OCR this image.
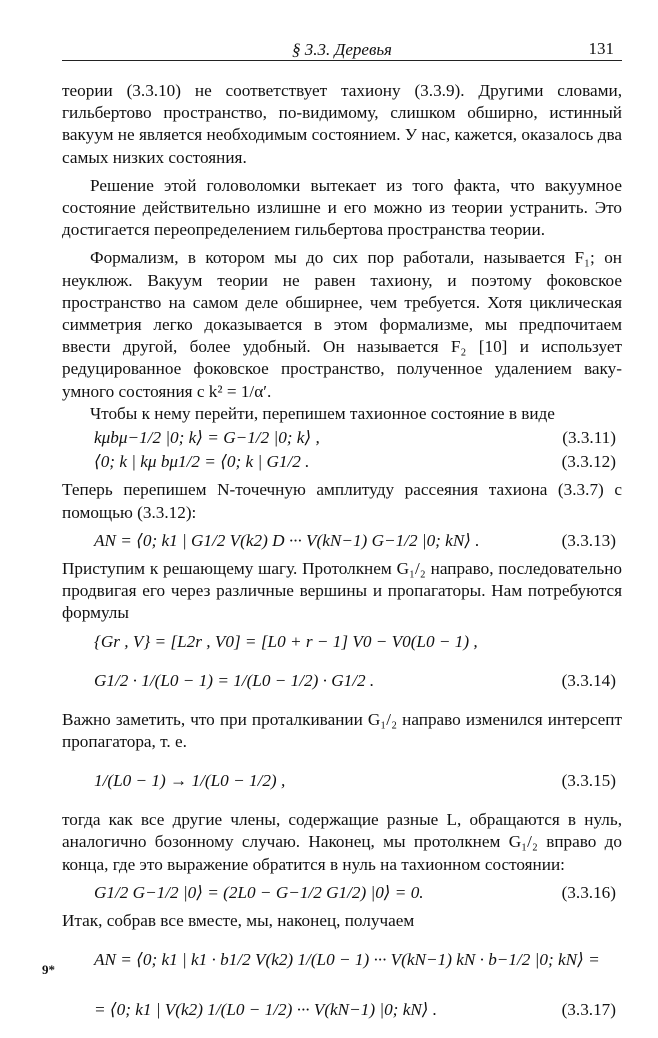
§ 3.3. Деревья	131

теории (3.3.10) не соответствует тахиону (3.3.9). Другими словами, гильбертово пространство, по-видимому, слишком обширно, истинный вакуум не является необходимым состоянием. У нас, кажется, оказалось два самых низких состояния.

Решение этой головоломки вытекает из того факта, что вакуумное состояние действительно излишне и его можно из теории устранить. Это достигается переопределением гильбертова пространства теории.

Формализм, в котором мы до сих пор работали, называется F₁; он неуклюж. Вакуум теории не равен тахиону, и поэтому фоковское пространство на самом деле обширнее, чем требуется. Хотя циклическая симметрия легко доказывается в этом формализме, мы предпочитаем ввести другой, более удобный. Он называется F₂ [10] и использует редуцированное фоковское пространство, полученное удалением вакуумного состояния с k² = 1/α′.

Чтобы к нему перейти, перепишем тахионное состояние в виде

kμbμ−1/2 |0; k⟩ = G−1/2 |0; k⟩ ,	(3.3.11)
⟨0; k | kμ bμ1/2 = ⟨0; k | G1/2 .	(3.3.12)

Теперь перепишем N-точечную амплитуду рассеяния тахиона (3.3.7) с помощью (3.3.12):

AN = ⟨0; k1 | G1/2 V(k2) D ··· V(kN−1) G−1/2 |0; kN⟩ .	(3.3.13)

Приступим к решающему шагу. Протолкнем G₁/₂ направо, последовательно продвигая его через различные вершины и пропагаторы. Нам потребуются формулы

{Gr , V} = [L2r , V0] = [L0 + r − 1] V0 − V0(L0 − 1) ,
G1/2 · 1/(L0 − 1) = 1/(L0 − 1/2) · G1/2 .	(3.3.14)

Важно заметить, что при проталкивании G₁/₂ направо изменился интерсепт пропагатора, т. е.

1/(L0 − 1) → 1/(L0 − 1/2) ,	(3.3.15)

тогда как все другие члены, содержащие разные L, обращаются в нуль, аналогично бозонному случаю. Наконец, мы протолкнем G₁/₂ вправо до конца, где это выражение обратится в нуль на тахионном состоянии:

G1/2 G−1/2 |0⟩ = (2L0 − G−1/2 G1/2) |0⟩ = 0.	(3.3.16)

Итак, собрав все вместе, мы, наконец, получаем

AN = ⟨0; k1 | k1 · b1/2 V(k2) 1/(L0 − 1) ··· V(kN−1) kN · b−1/2 |0; kN⟩ =
= ⟨0; k1 | V(k2) 1/(L0 − 1/2) ··· V(kN−1) |0; kN⟩ .	(3.3.17)
9*
